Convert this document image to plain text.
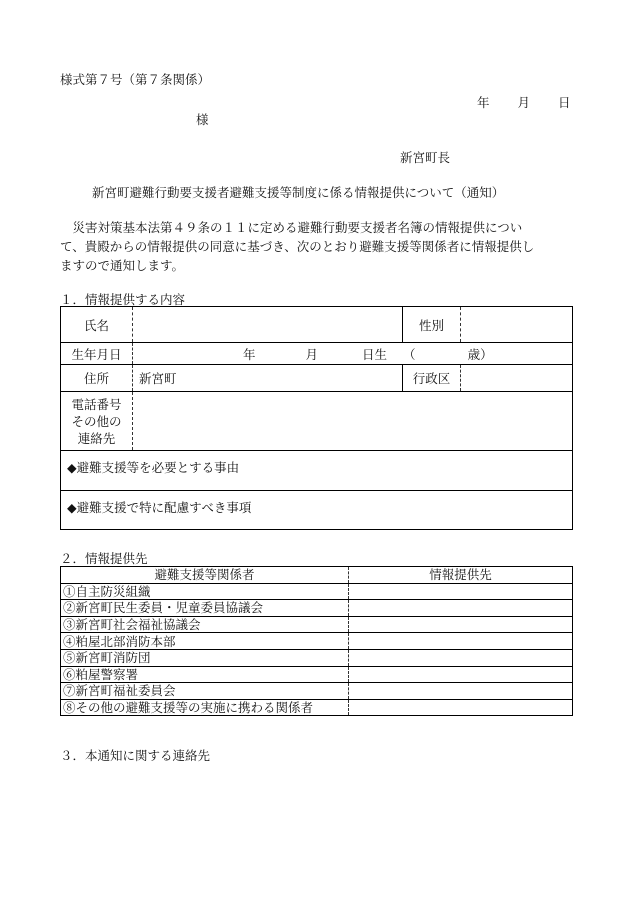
様式第７号（第７条関係）
年　　月　　日
様
新宮町長
新宮町避難行動要支援者避難支援等制度に係る情報提供について（通知）
　災害対策基本法第４９条の１１に定める避難行動要支援者名簿の情報提供につい
て、貴殿からの情報提供の同意に基づき、次のとおり避難支援等関係者に情報提供し
ますので通知します。
１．情報提供する内容
氏名		性別	
生年月日	年 月 日生 （ 歳）		

住所	新宮町	行政区	

電話番号
その他の
連絡先			

◆避難支援等を必要とする事由			
◆避難支援で特に配慮すべき事項			
２．情報提供先
避難支援等関係者	情報提供先
①自主防災組織	
②新宮町民生委員・児童委員協議会	
③新宮町社会福祉協議会	
④粕屋北部消防本部	
⑤新宮町消防団	
⑥粕屋警察署	
⑦新宮町福祉委員会	
⑧その他の避難支援等の実施に携わる関係者	
３．本通知に関する連絡先
